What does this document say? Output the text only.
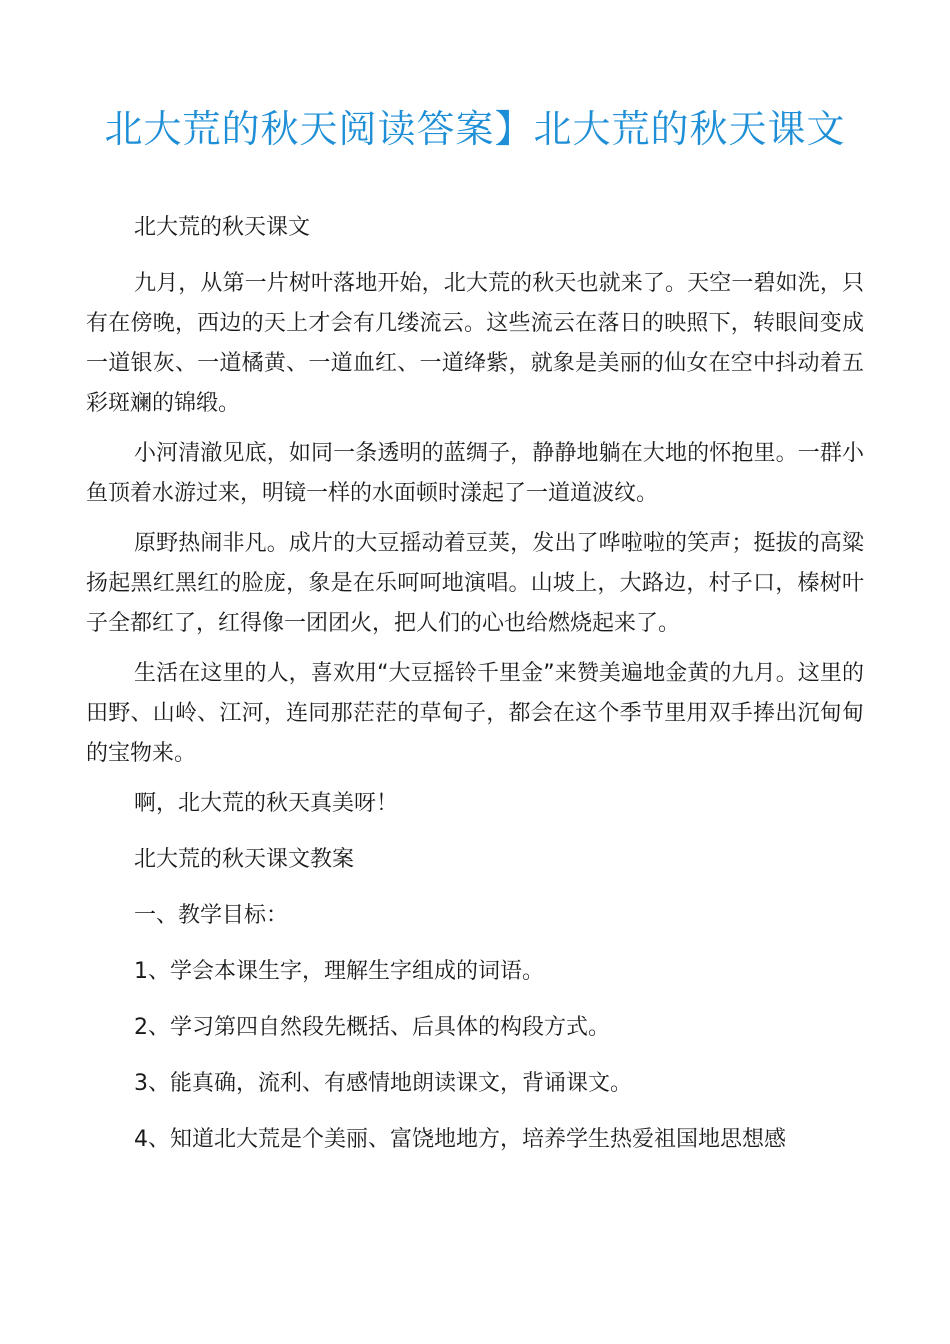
北大荒的秋天阅读答案】北大荒的秋天课文

北大荒的秋天课文

九月，从第一片树叶落地开始，北大荒的秋天也就来了。天空一碧如洗，只有在傍晚，西边的天上才会有几缕流云。这些流云在落日的映照下，转眼间变成一道银灰、一道橘黄、一道血红、一道绛紫，就象是美丽的仙女在空中抖动着五彩斑斓的锦缎。

小河清澈见底，如同一条透明的蓝绸子，静静地躺在大地的怀抱里。一群小鱼顶着水游过来，明镜一样的水面顿时漾起了一道道波纹。

原野热闹非凡。成片的大豆摇动着豆荚，发出了哗啦啦的笑声；挺拔的高粱扬起黑红黑红的脸庞，象是在乐呵呵地演唱。山坡上，大路边，村子口，榛树叶子全都红了，红得像一团团火，把人们的心也给燃烧起来了。

生活在这里的人，喜欢用“大豆摇铃千里金”来赞美遍地金黄的九月。这里的田野、山岭、江河，连同那茫茫的草甸子，都会在这个季节里用双手捧出沉甸甸的宝物来。

啊，北大荒的秋天真美呀！

北大荒的秋天课文教案

一、教学目标：

1、学会本课生字，理解生字组成的词语。

2、学习第四自然段先概括、后具体的构段方式。

3、能真确，流利、有感情地朗读课文，背诵课文。

4、知道北大荒是个美丽、富饶地地方，培养学生热爱祖国地思想感
